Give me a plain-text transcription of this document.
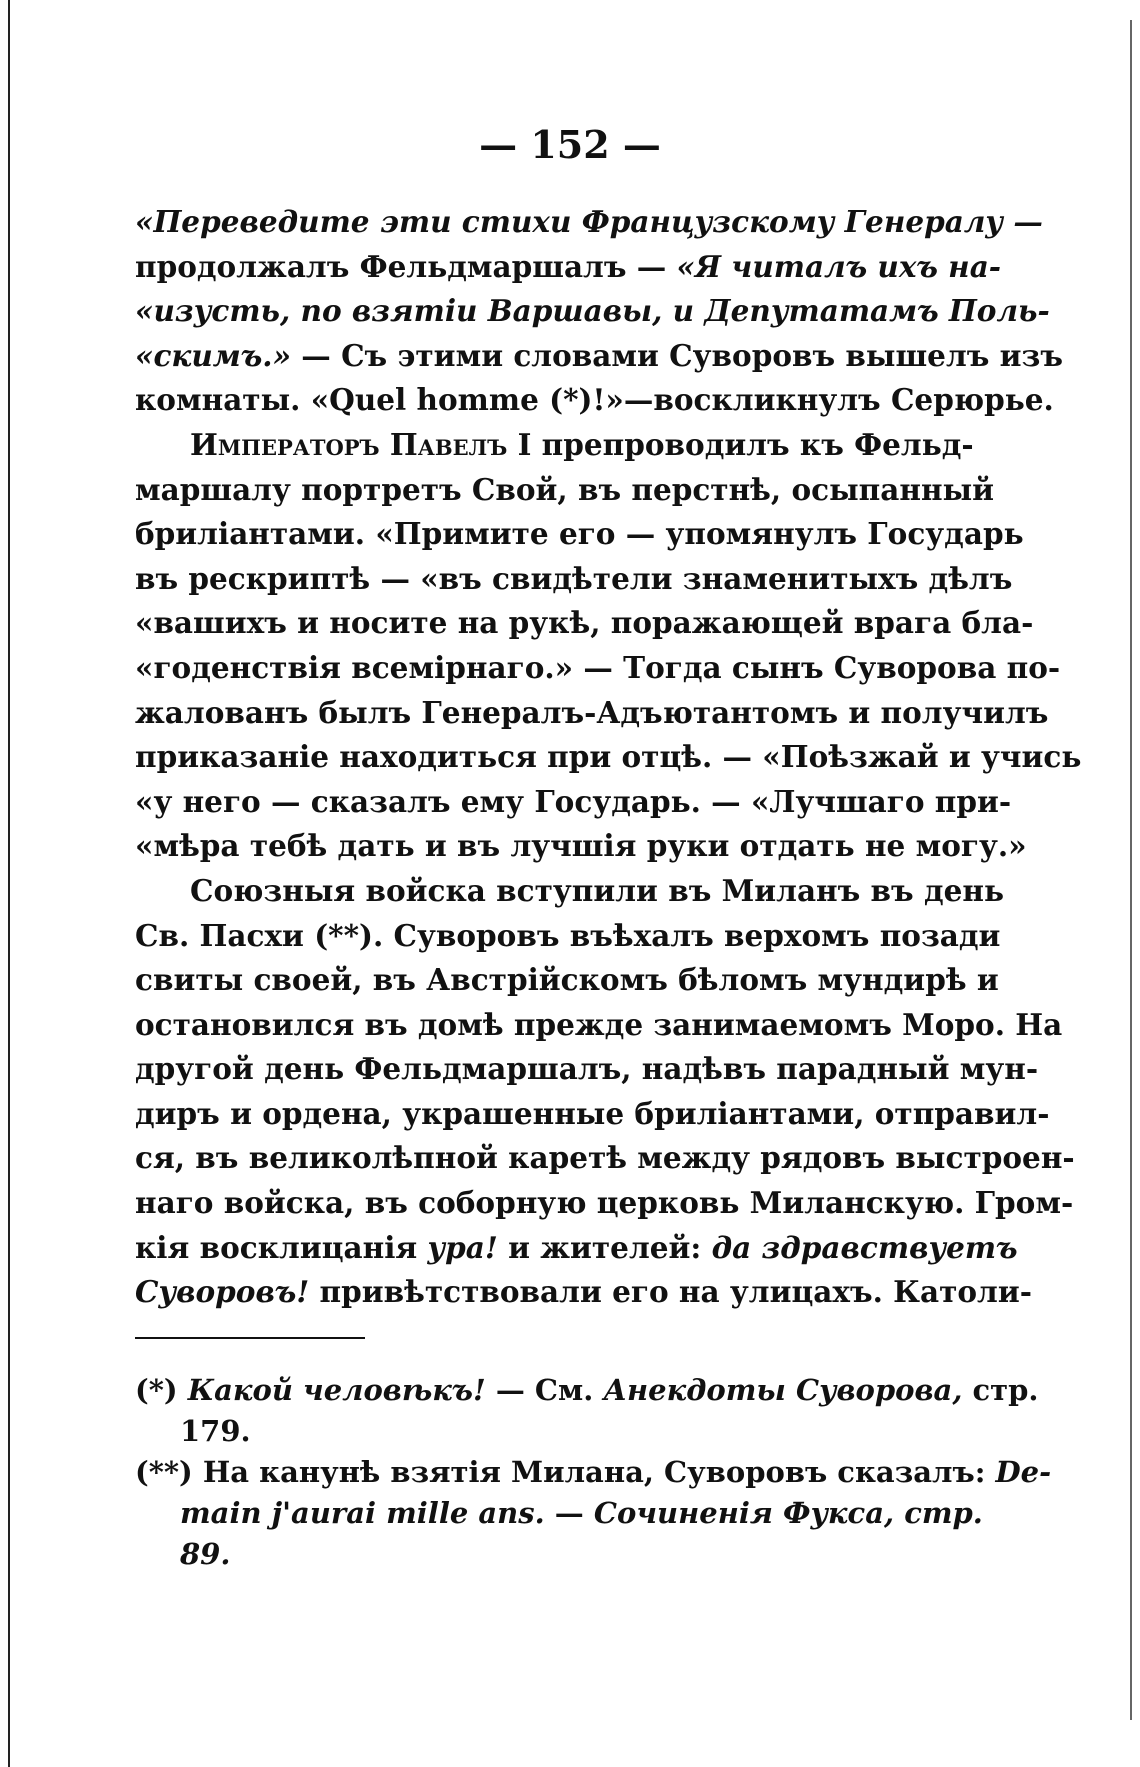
— 152 —
«Переведите эти стихи Французскому Генералу —
продолжалъ Фельдмаршалъ — «Я читалъ ихъ на-
«изусть, по взятіи Варшавы, и Депутатамъ Поль-
«скимъ.» — Съ этими словами Суворовъ вышелъ изъ
комнаты. «Quel homme (*)!»—воскликнулъ Серюрье.
Императоръ Павелъ I препроводилъ къ Фельд-
маршалу портретъ Свой, въ перстнѣ, осыпанный
бриліантами. «Примите его — упомянулъ Государь
въ рескриптѣ — «въ свидѣтели знаменитыхъ дѣлъ
«вашихъ и носите на рукѣ, поражающей врага бла-
«годенствія всемірнаго.» — Тогда сынъ Суворова по-
жалованъ былъ Генералъ-Адъютантомъ и получилъ
приказаніе находиться при отцѣ. — «Поѣзжай и учись
«у него — сказалъ ему Государь. — «Лучшаго при-
«мѣра тебѣ дать и въ лучшія руки отдать не могу.»
Союзныя войска вступили въ Миланъ въ день
Св. Пасхи (**). Суворовъ въѣхалъ верхомъ позади
свиты своей, въ Австрійскомъ бѣломъ мундирѣ и
остановился въ домѣ прежде занимаемомъ Моро. На
другой день Фельдмаршалъ, надѣвъ парадный мун-
диръ и ордена, украшенные бриліантами, отправил-
ся, въ великолѣпной каретѣ между рядовъ выстроен-
наго войска, въ соборную церковь Миланскую. Гром-
кія восклицанія ура! и жителей: да здравствуетъ
Суворовъ! привѣтствовали его на улицахъ. Католи-
(*) Какой человѣкъ! — См. Анекдоты Суворова, стр.
179.
(**) На канунѣ взятія Милана, Суворовъ сказалъ: De-
main j'aurai mille ans. — Сочиненія Фукса, стр.
89.
